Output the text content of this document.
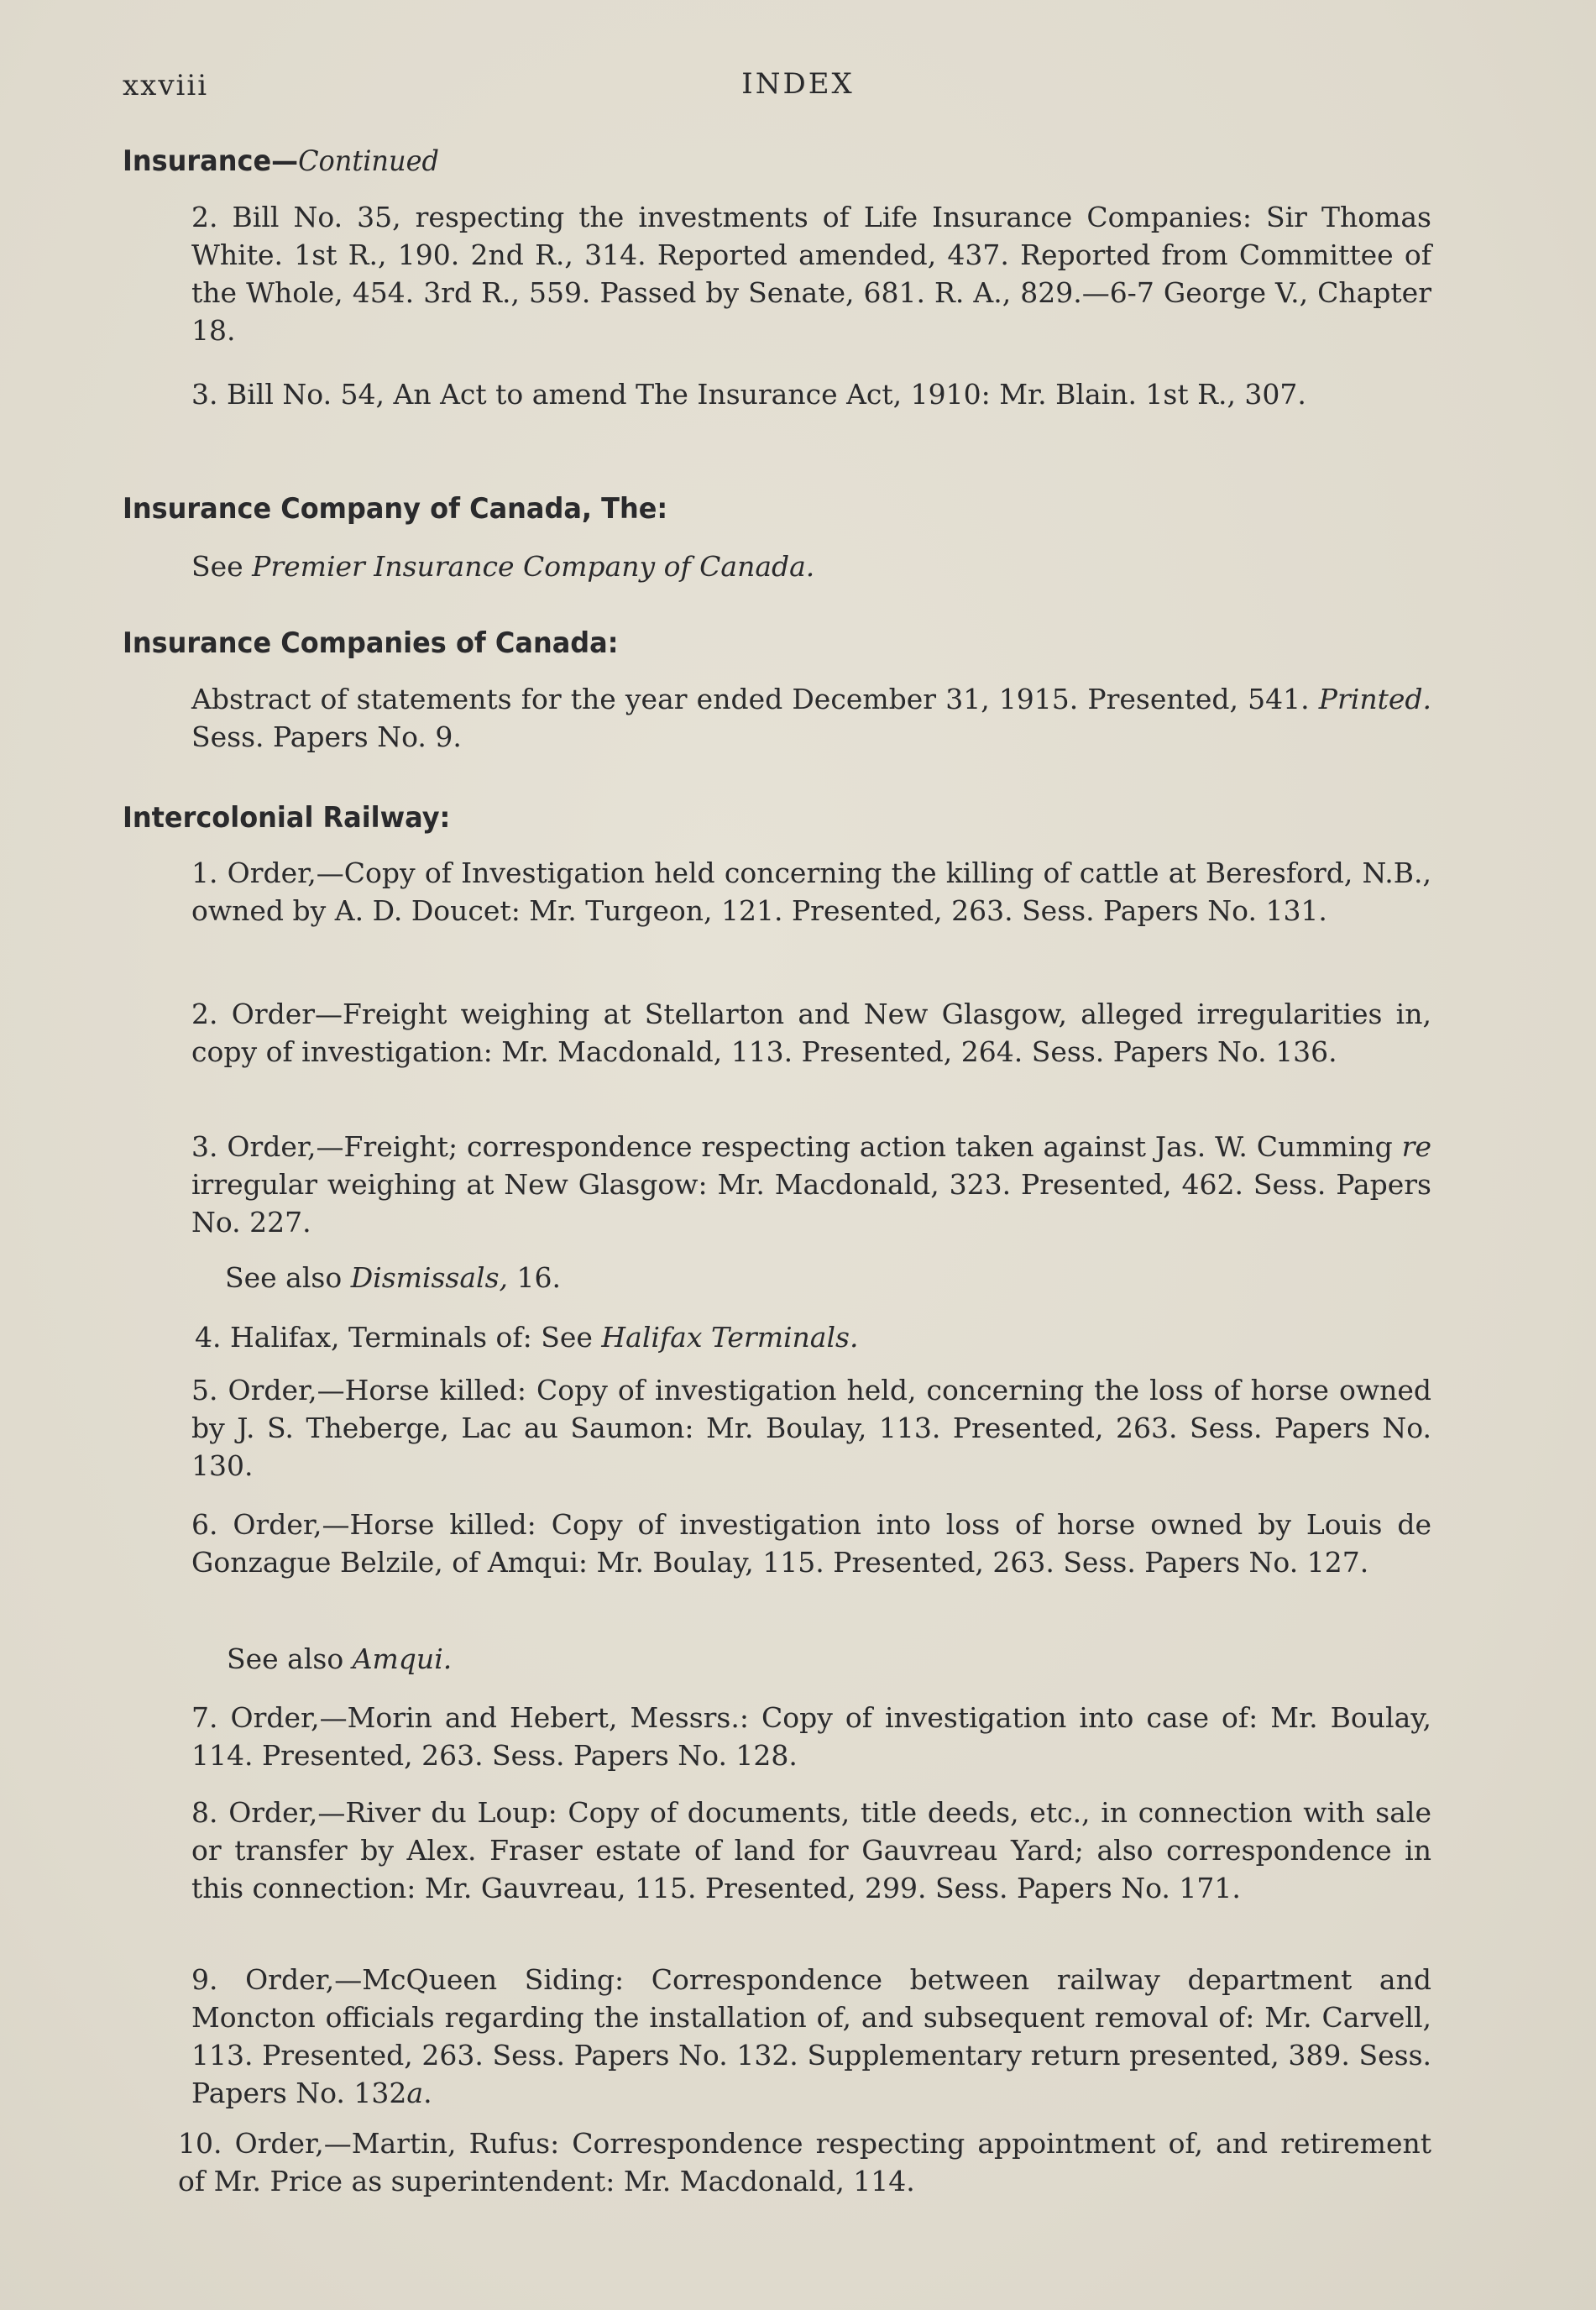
xxviii	INDEX
Insurance—Continued
2. Bill No. 35, respecting the investments of Life Insurance Companies: Sir Thomas White. 1st R., 190. 2nd R., 314. Reported amended, 437. Reported from Committee of the Whole, 454. 3rd R., 559. Passed by Senate, 681. R. A., 829.—6-7 George V., Chapter 18.
3. Bill No. 54, An Act to amend The Insurance Act, 1910: Mr. Blain. 1st R., 307.
Insurance Company of Canada, The:
See Premier Insurance Company of Canada.
Insurance Companies of Canada:
Abstract of statements for the year ended December 31, 1915. Presented, 541. Printed. Sess. Papers No. 9.
Intercolonial Railway:
1. Order,—Copy of Investigation held concerning the killing of cattle at Beresford, N.B., owned by A. D. Doucet: Mr. Turgeon, 121. Presented, 263. Sess. Papers No. 131.
2. Order—Freight weighing at Stellarton and New Glasgow, alleged irregularities in, copy of investigation: Mr. Macdonald, 113. Presented, 264. Sess. Papers No. 136.
3. Order,—Freight; correspondence respecting action taken against Jas. W. Cumming re irregular weighing at New Glasgow: Mr. Macdonald, 323. Presented, 462. Sess. Papers No. 227.
See also Dismissals, 16.
4. Halifax, Terminals of: See Halifax Terminals.
5. Order,—Horse killed: Copy of investigation held, concerning the loss of horse owned by J. S. Theberge, Lac au Saumon: Mr. Boulay, 113. Presented, 263. Sess. Papers No. 130.
6. Order,—Horse killed: Copy of investigation into loss of horse owned by Louis de Gonzague Belzile, of Amqui: Mr. Boulay, 115. Presented, 263. Sess. Papers No. 127.
See also Amqui.
7. Order,—Morin and Hebert, Messrs.: Copy of investigation into case of: Mr. Boulay, 114. Presented, 263. Sess. Papers No. 128.
8. Order,—River du Loup: Copy of documents, title deeds, etc., in connection with sale or transfer by Alex. Fraser estate of land for Gauvreau Yard; also correspondence in this connection: Mr. Gauvreau, 115. Presented, 299. Sess. Papers No. 171.
9. Order,—McQueen Siding: Correspondence between railway department and Moncton officials regarding the installation of, and subsequent removal of: Mr. Carvell, 113. Presented, 263. Sess. Papers No. 132. Supplementary return presented, 389. Sess. Papers No. 132a.
10. Order,—Martin, Rufus: Correspondence respecting appointment of, and retirement of Mr. Price as superintendent: Mr. Macdonald, 114.
